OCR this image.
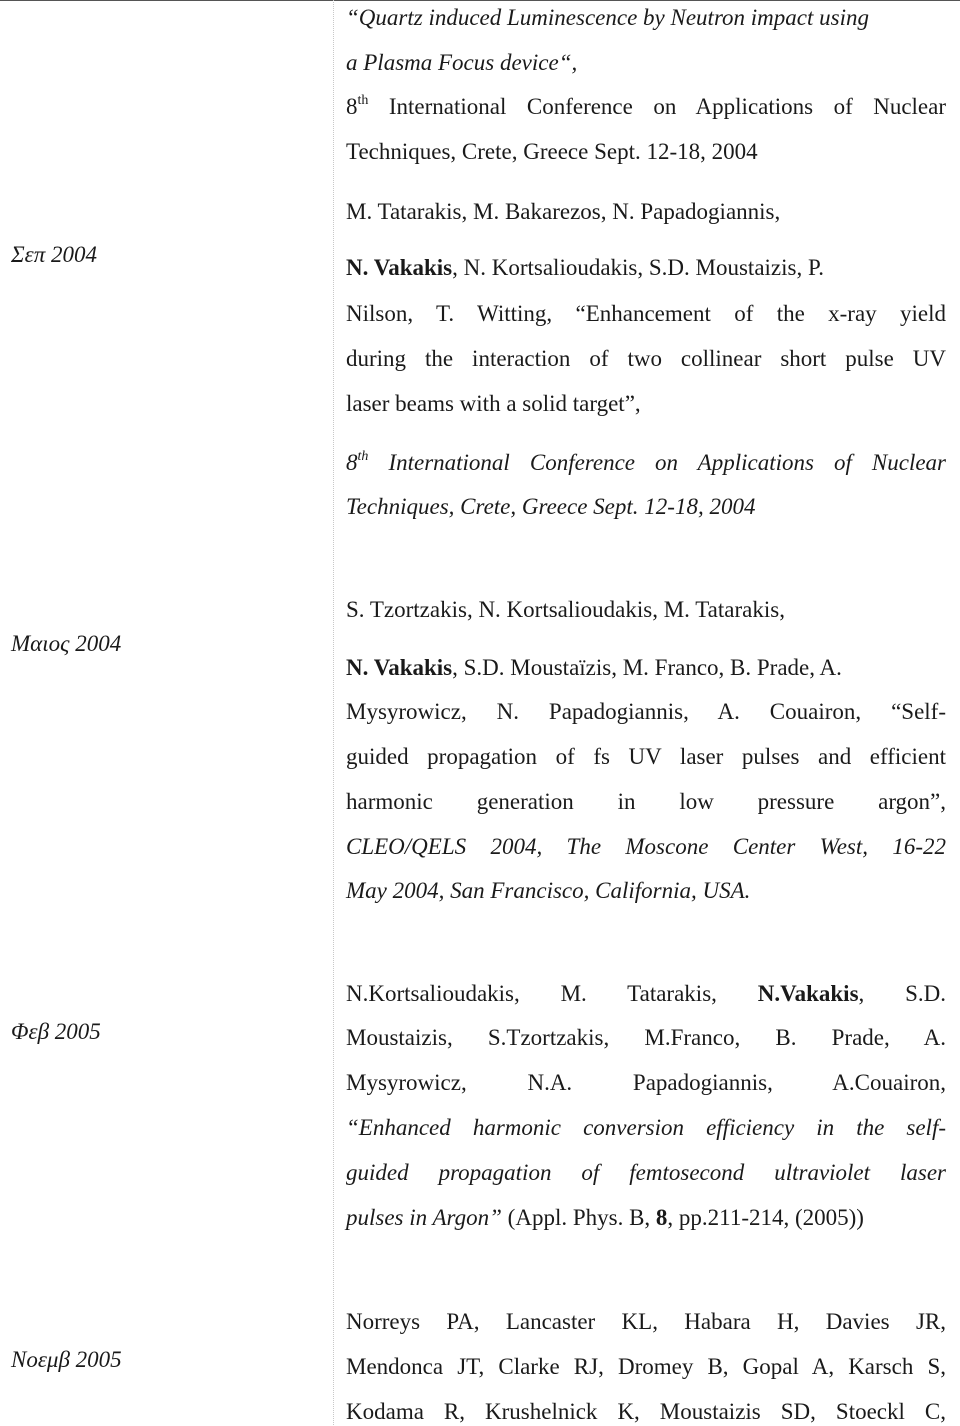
Σεπ 2004
“Quartz induced Luminescence by Neutron impact using
a Plasma Focus device“,
8th International Conference on Applications of Nuclear
Techniques, Crete, Greece Sept. 12-18, 2004
M. Tatarakis, M. Bakarezos, N. Papadogiannis,
N. Vakakis, N. Kortsalioudakis, S.D. Moustaizis, P.
Nilson, T. Witting, “Enhancement of the x-ray yield
during the interaction of two collinear short pulse UV
laser beams with a solid target”,
8th International Conference on Applications of Nuclear
Techniques, Crete, Greece Sept. 12-18, 2004
Μαιος 2004
S. Tzortzakis, N. Kortsalioudakis, M. Tatarakis,
N. Vakakis, S.D. Moustaïzis, M. Franco, B. Prade, A.
Mysyrowicz, N. Papadogiannis, A. Couairon, “Self-
guided propagation of fs UV laser pulses and efficient
harmonic generation in low pressure argon”,
CLEO/QELS 2004, The Moscone Center West, 16-22
May 2004, San Francisco, California, USA.
Φεβ 2005
N.Kortsalioudakis, M. Tatarakis, N.Vakakis, S.D.
Moustaizis, S.Tzortzakis, M.Franco, B. Prade, A.
Mysyrowicz, N.A. Papadogiannis, A.Couairon,
“Enhanced harmonic conversion efficiency in the self-
guided propagation of femtosecond ultraviolet laser
pulses in Argon” (Appl. Phys. B, 8, pp.211-214, (2005))
Νοεμβ 2005
Norreys PA, Lancaster KL, Habara H, Davies JR,
Mendonca JT, Clarke RJ, Dromey B, Gopal A, Karsch S,
Kodama R, Krushelnick K, Moustaizis SD, Stoeckl C,
